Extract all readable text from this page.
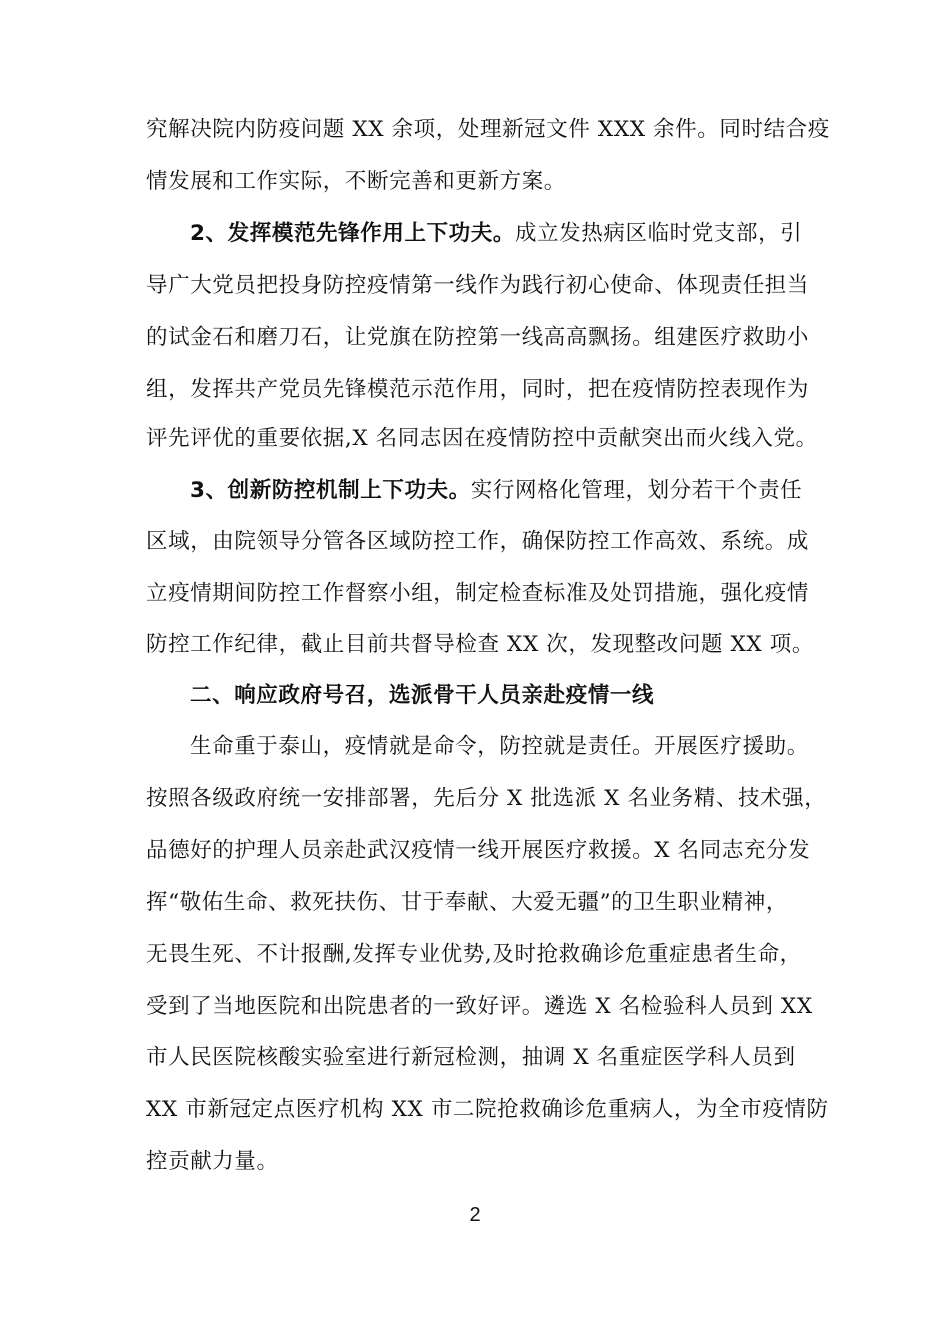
究解决院内防疫问题 XX 余项，处理新冠文件 XXX 余件。同时结合疫
情发展和工作实际，不断完善和更新方案。
2、发挥模范先锋作用上下功夫。成立发热病区临时党支部，引
导广大党员把投身防控疫情第一线作为践行初心使命、体现责任担当
的试金石和磨刀石，让党旗在防控第一线高高飘扬。组建医疗救助小
组，发挥共产党员先锋模范示范作用，同时，把在疫情防控表现作为
评先评优的重要依据,X 名同志因在疫情防控中贡献突出而火线入党。
3、创新防控机制上下功夫。实行网格化管理，划分若干个责任
区域，由院领导分管各区域防控工作，确保防控工作高效、系统。成
立疫情期间防控工作督察小组，制定检查标准及处罚措施，强化疫情
防控工作纪律，截止目前共督导检查 XX 次，发现整改问题 XX 项。
二、响应政府号召，选派骨干人员亲赴疫情一线
生命重于泰山，疫情就是命令，防控就是责任。开展医疗援助。
按照各级政府统一安排部署，先后分 X 批选派 X 名业务精、技术强，
品德好的护理人员亲赴武汉疫情一线开展医疗救援。X 名同志充分发
挥“敬佑生命、救死扶伤、甘于奉献、大爱无疆”的卫生职业精神，
无畏生死、不计报酬,发挥专业优势,及时抢救确诊危重症患者生命，
受到了当地医院和出院患者的一致好评。遴选 X 名检验科人员到 XX
市人民医院核酸实验室进行新冠检测，抽调 X 名重症医学科人员到
XX 市新冠定点医疗机构 XX 市二院抢救确诊危重病人，为全市疫情防
控贡献力量。
2
